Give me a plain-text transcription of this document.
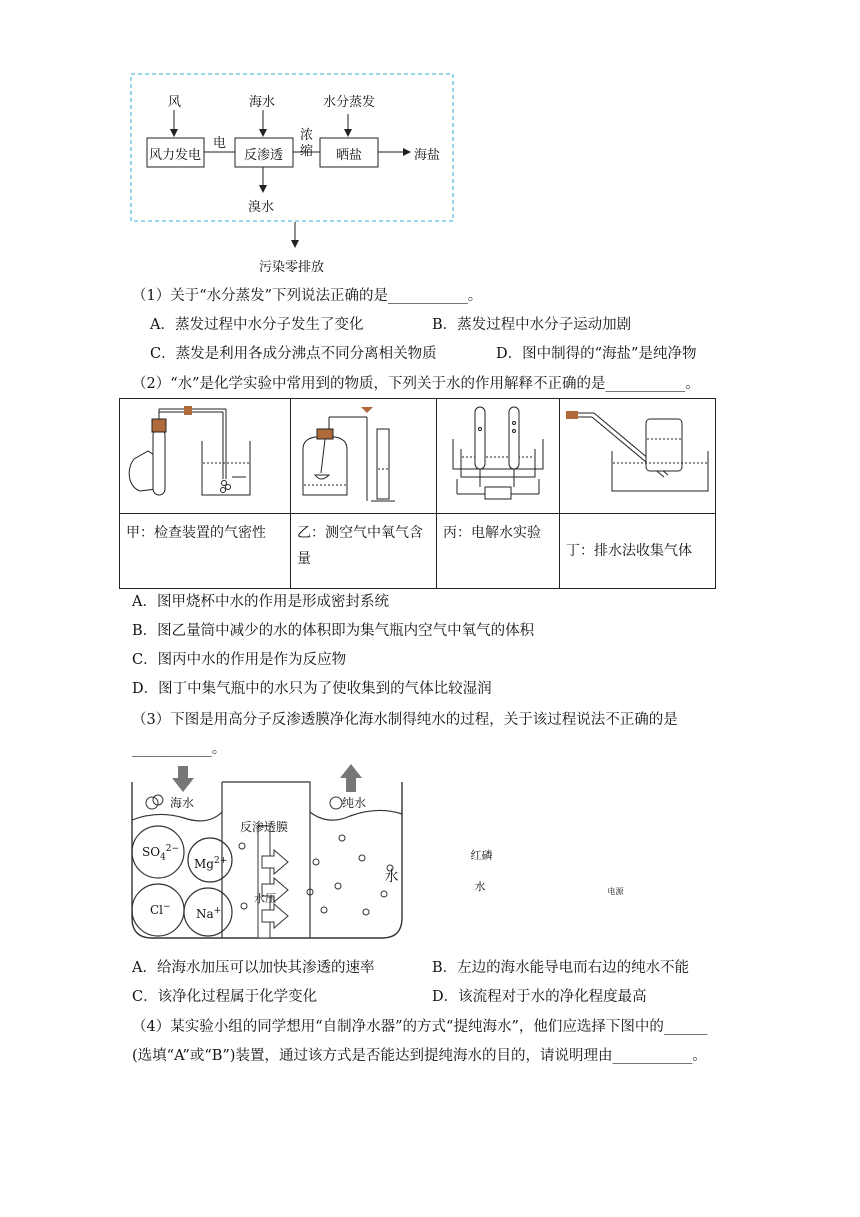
风	海水	水分蒸发
风力发电
电
反渗透
浓
缩 晒盐	海盐
溴水
污染零排放
（1）关于“水分蒸发”下列说法正确的是___________。
A．蒸发过程中水分子发生了变化	B．蒸发过程中水分子运动加剧
C．蒸发是利用各成分沸点不同分离相关物质	D．图中制得的“海盐”是纯净物
（2）“水”是化学实验中常用到的物质，下列关于水的作用解释不正确的是___________。
水	红磷
水	电源

甲：检查装置的气密性	乙：测空气中氧气含量	丙：电解水实验	丁：排水法收集气体
A．图甲烧杯中水的作用是形成密封系统
B．图乙量筒中减少的水的体积即为集气瓶内空气中氧气的体积
C．图丙中水的作用是作为反应物
D．图丁中集气瓶中的水只为了使收集到的气体比较湿润
（3）下图是用高分子反渗透膜净化海水制得纯水的过程，关于该过程说法不正确的是
___________。
海水	纯水
反渗透膜
$SO_4^{2-}$
$Mg^{2+}$
Cl− Na+
水压
A．给海水加压可以加快其渗透的速率	B．左边的海水能导电而右边的纯水不能
C．该净化过程属于化学变化	D．该流程对于水的净化程度最高
（4）某实验小组的同学想用“自制净水器”的方式“提纯海水”，他们应选择下图中的______
(选填“A”或“B”)装置，通过该方式是否能达到提纯海水的目的，请说明理由___________。
